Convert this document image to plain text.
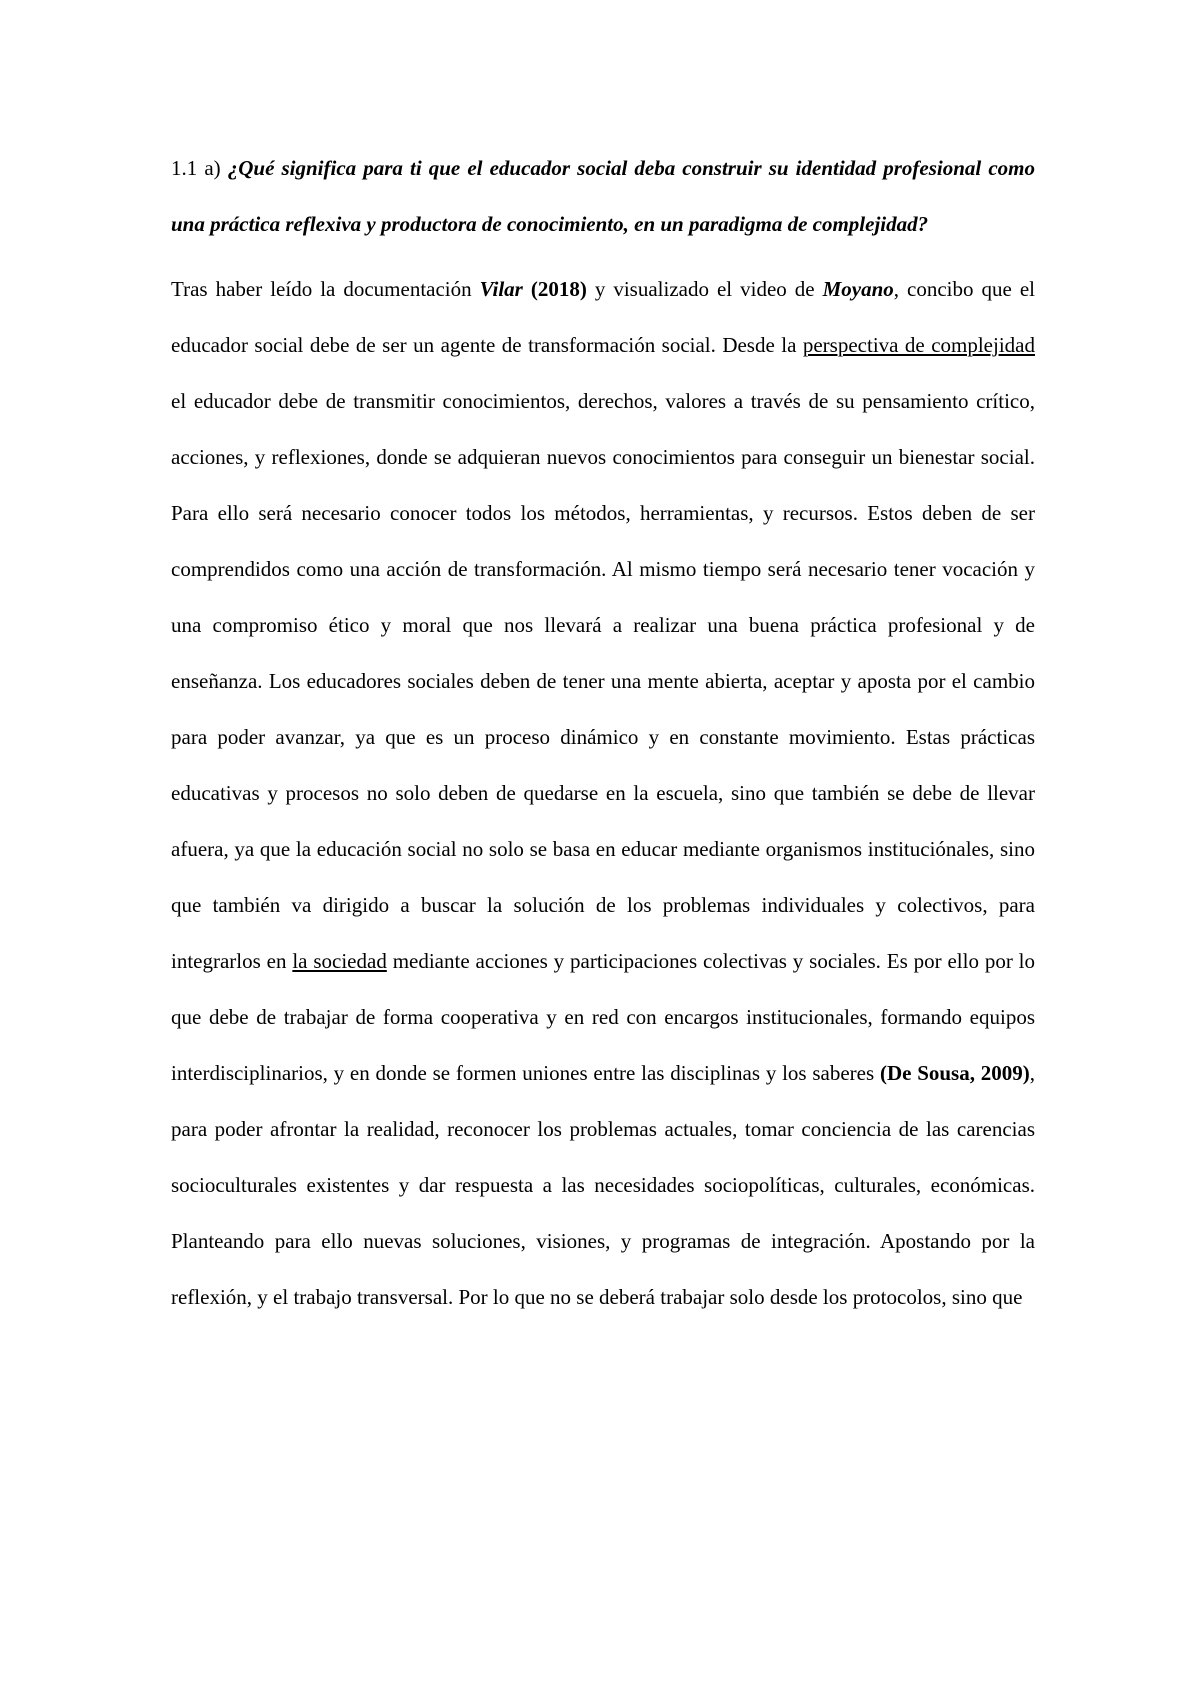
1.1 a) ¿Qué significa para ti que el educador social deba construir su identidad profesional como una práctica reflexiva y productora de conocimiento, en un paradigma de complejidad?

Tras haber leído la documentación Vilar (2018) y visualizado el video de Moyano, concibo que el educador social debe de ser un agente de transformación social. Desde la perspectiva de complejidad el educador debe de transmitir conocimientos, derechos, valores a través de su pensamiento crítico, acciones, y reflexiones, donde se adquieran nuevos conocimientos para conseguir un bienestar social. Para ello será necesario conocer todos los métodos, herramientas, y recursos. Estos deben de ser comprendidos como una acción de transformación. Al mismo tiempo será necesario tener vocación y una compromiso ético y moral que nos llevará a realizar una buena práctica profesional y de enseñanza. Los educadores sociales deben de tener una mente abierta, aceptar y aposta por el cambio para poder avanzar, ya que es un proceso dinámico y en constante movimiento. Estas prácticas educativas y procesos no solo deben de quedarse en la escuela, sino que también se debe de llevar afuera, ya que la educación social no solo se basa en educar mediante organismos instituciónales, sino que también va dirigido a buscar la solución de los problemas individuales y colectivos, para integrarlos en la sociedad mediante acciones y participaciones colectivas y sociales. Es por ello por lo que debe de trabajar de forma cooperativa y en red con encargos institucionales, formando equipos interdisciplinarios, y en donde se formen uniones entre las disciplinas y los saberes (De Sousa, 2009), para poder afrontar la realidad, reconocer los problemas actuales, tomar conciencia de las carencias socioculturales existentes y dar respuesta a las necesidades sociopolíticas, culturales, económicas. Planteando para ello nuevas soluciones, visiones, y programas de integración. Apostando por la reflexión, y el trabajo transversal. Por lo que no se deberá trabajar solo desde los protocolos, sino que
